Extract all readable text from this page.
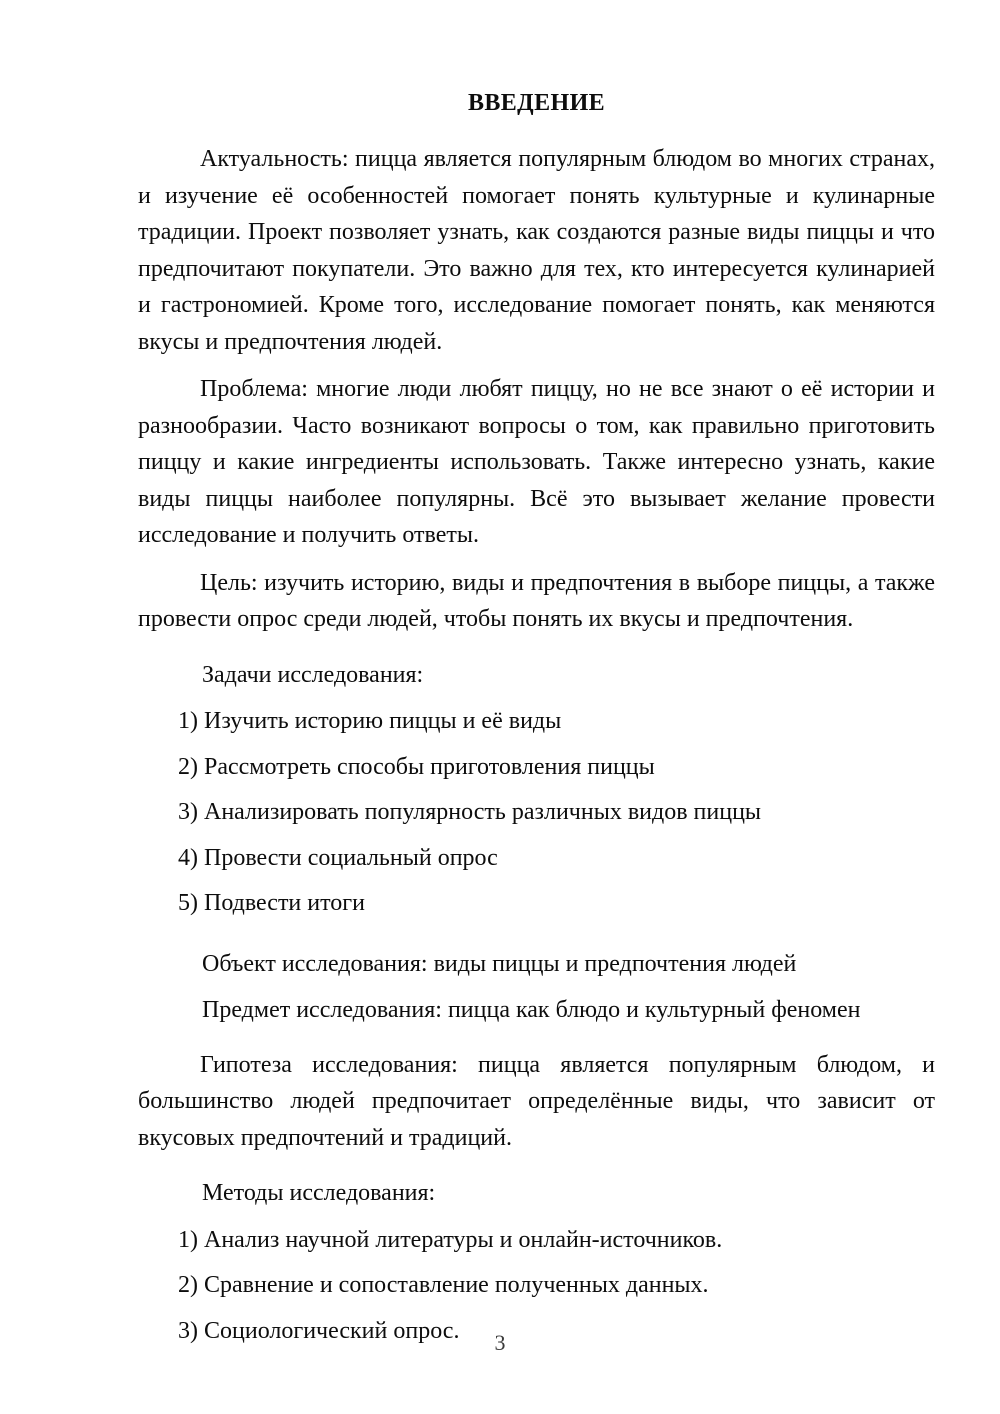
ВВЕДЕНИЕ

Актуальность: пицца является популярным блюдом во многих странах, и изучение её особенностей помогает понять культурные и кулинарные традиции. Проект позволяет узнать, как создаются разные виды пиццы и что предпочитают покупатели. Это важно для тех, кто интересуется кулинарией и гастрономией. Кроме того, исследование помогает понять, как меняются вкусы и предпочтения людей.

Проблема: многие люди любят пиццу, но не все знают о её истории и разнообразии. Часто возникают вопросы о том, как правильно приготовить пиццу и какие ингредиенты использовать. Также интересно узнать, какие виды пиццы наиболее популярны. Всё это вызывает желание провести исследование и получить ответы.

Цель: изучить историю, виды и предпочтения в выборе пиццы, а также провести опрос среди людей, чтобы понять их вкусы и предпочтения.

Задачи исследования:

1) Изучить историю пиццы и её виды
2) Рассмотреть способы приготовления пиццы
3) Анализировать популярность различных видов пиццы
4) Провести социальный опрос
5) Подвести итоги

Объект исследования: виды пиццы и предпочтения людей

Предмет исследования: пицца как блюдо и культурный феномен

Гипотеза исследования: пицца является популярным блюдом, и большинство людей предпочитает определённые виды, что зависит от вкусовых предпочтений и традиций.

Методы исследования:

1) Анализ научной литературы и онлайн-источников.
2) Сравнение и сопоставление полученных данных.
3) Социологический опрос.	3
